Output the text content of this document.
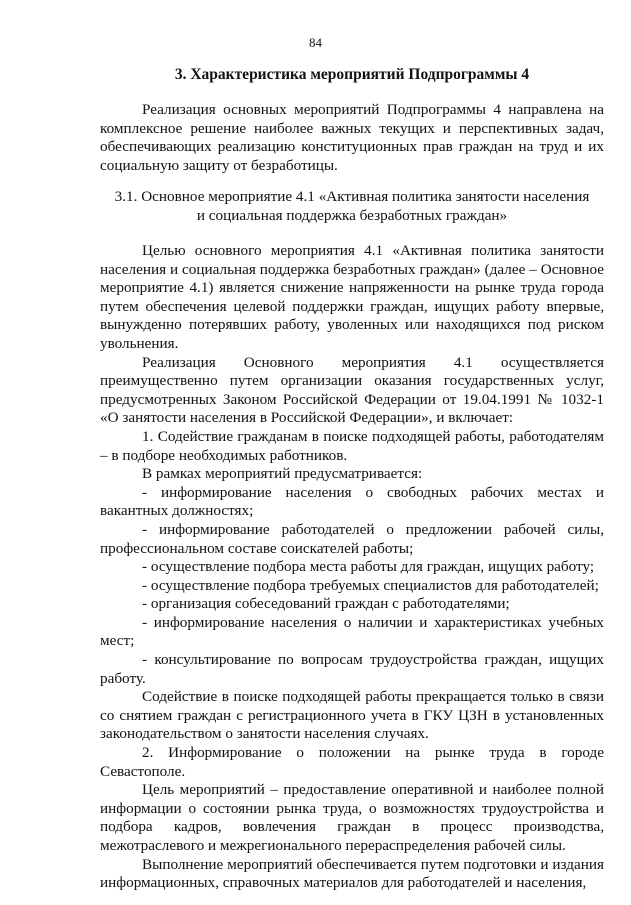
84
3. Характеристика мероприятий Подпрограммы 4

Реализация основных мероприятий Подпрограммы 4 направлена на комплексное решение наиболее важных текущих и перспективных задач, обеспечивающих реализацию конституционных прав граждан на труд и их социальную защиту от безработицы.

3.1. Основное мероприятие 4.1 «Активная политика занятости населения
и социальная поддержка безработных граждан»

Целью основного мероприятия 4.1 «Активная политика занятости населения и социальная поддержка безработных граждан» (далее – Основное мероприятие 4.1) является снижение напряженности на рынке труда города путем обеспечения целевой поддержки граждан, ищущих работу впервые, вынужденно потерявших работу, уволенных или находящихся под риском увольнения.

Реализация Основного мероприятия 4.1 осуществляется преимущественно путем организации оказания государственных услуг, предусмотренных Законом Российской Федерации от 19.04.1991 № 1032-1 «О занятости населения в Российской Федерации», и включает:

1. Содействие гражданам в поиске подходящей работы, работодателям – в подборе необходимых работников.

В рамках мероприятий предусматривается:

- информирование населения о свободных рабочих местах и вакантных должностях;

- информирование работодателей о предложении рабочей силы, профессиональном составе соискателей работы;

- осуществление подбора места работы для граждан, ищущих работу;

- осуществление подбора требуемых специалистов для работодателей;

- организация собеседований граждан с работодателями;

- информирование населения о наличии и характеристиках учебных мест;

- консультирование по вопросам трудоустройства граждан, ищущих работу.

Содействие в поиске подходящей работы прекращается только в связи со снятием граждан с регистрационного учета в ГКУ ЦЗН в установленных законодательством о занятости населения случаях.

2. Информирование о положении на рынке труда в городе Севастополе.

Цель мероприятий – предоставление оперативной и наиболее полной информации о состоянии рынка труда, о возможностях трудоустройства и подбора кадров, вовлечения граждан в процесс производства, межотраслевого и межрегионального перераспределения рабочей силы.

Выполнение мероприятий обеспечивается путем подготовки и издания информационных, справочных материалов для работодателей и населения,
